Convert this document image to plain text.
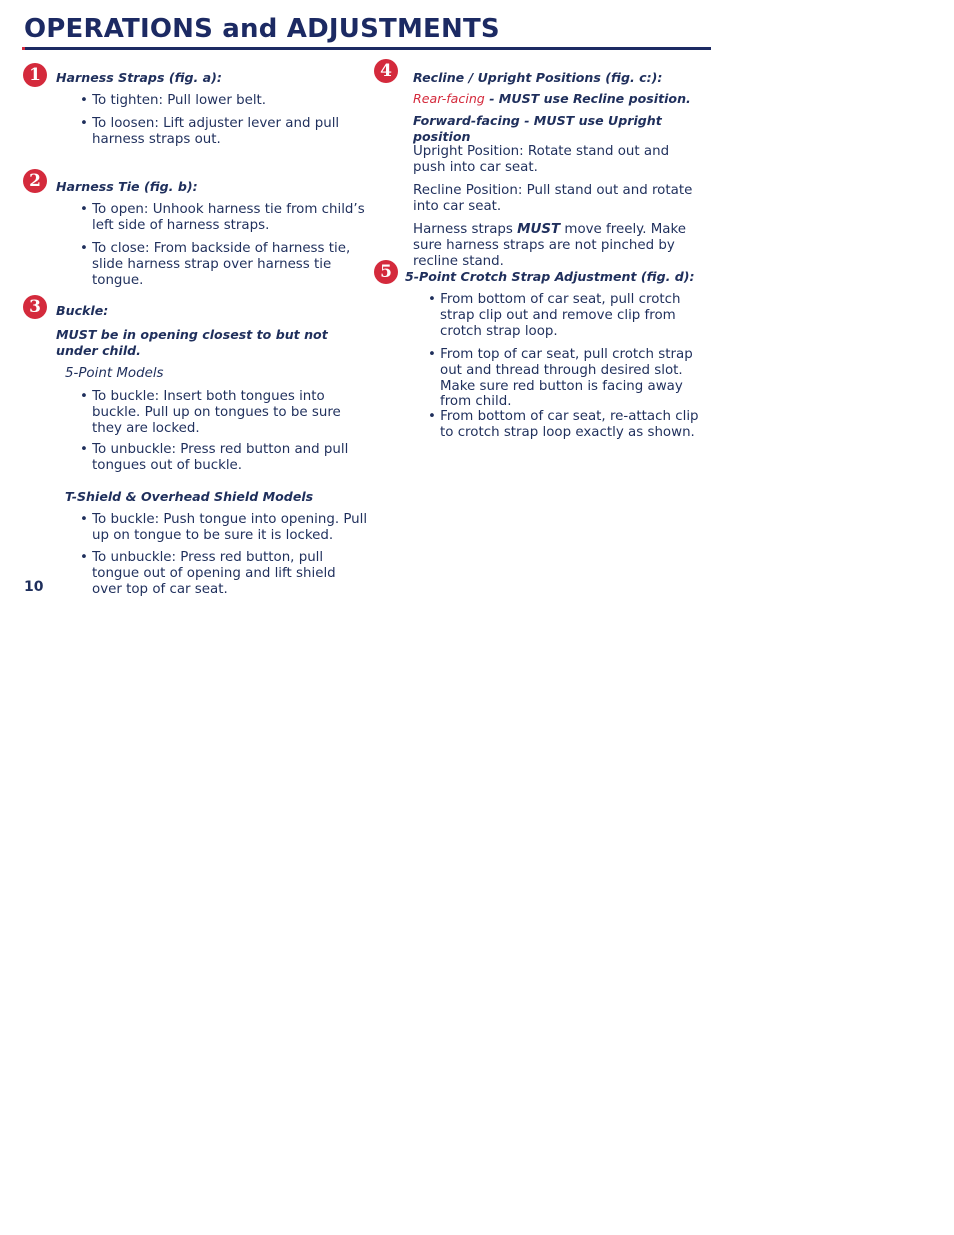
OPERATIONS and ADJUSTMENTS
1	Harness Straps (fig. a):

• To tighten: Pull lower belt.

• To loosen: Lift adjuster lever and pull harness straps out.

2	Harness Tie (fig. b):

• To open: Unhook harness tie from child’s left side of harness straps.

• To close: From backside of harness tie, slide harness strap over harness tie tongue.

3	Buckle:

MUST be in opening closest to but not under child.

5-Point Models

• To buckle: Insert both tongues into buckle. Pull up on tongues to be sure they are locked.

• To unbuckle: Press red button and pull tongues out of buckle.

T-Shield & Overhead Shield Models

• To buckle: Push tongue into opening. Pull up on tongue to be sure it is locked.

• To unbuckle: Press red button, pull tongue out of opening and lift shield over top of car seat.

10
4	Recline / Upright Positions (fig. c:):

Rear-facing - MUST use Recline position.

Forward-facing - MUST use Upright position

Upright Position: Rotate stand out and push into car seat.

Recline Position: Pull stand out and rotate into car seat.

Harness straps MUST move freely. Make sure harness straps are not pinched by recline stand.

5	5-Point Crotch Strap Adjustment (fig. d):

• From bottom of car seat, pull crotch strap clip out and remove clip from crotch strap loop.

• From top of car seat, pull crotch strap out and thread through desired slot. Make sure red button is facing away from child.

• From bottom of car seat, re-attach clip to crotch strap loop exactly as shown.
